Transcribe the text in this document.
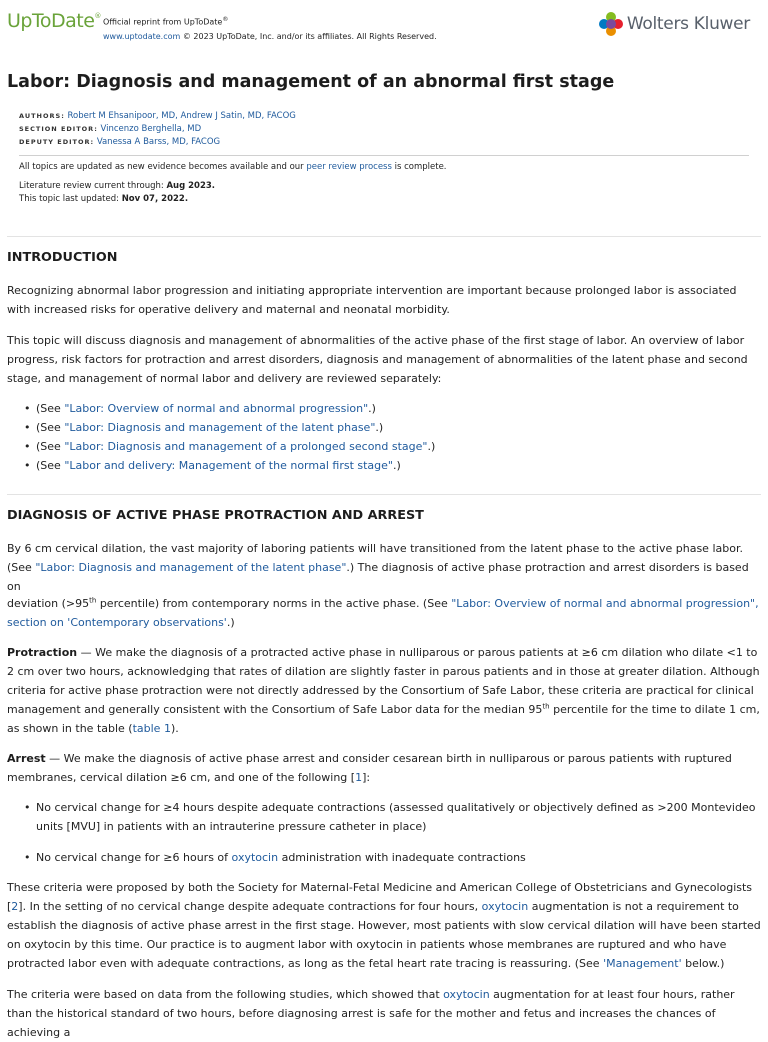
UpToDate®
Official reprint from UpToDate®
www.uptodate.com © 2023 UpToDate, Inc. and/or its affiliates. All Rights Reserved.
Wolters Kluwer
Labor: Diagnosis and management of an abnormal first stage
AUTHORS: Robert M Ehsanipoor, MD, Andrew J Satin, MD, FACOG
SECTION EDITOR: Vincenzo Berghella, MD
DEPUTY EDITOR: Vanessa A Barss, MD, FACOG
All topics are updated as new evidence becomes available and our peer review process is complete.
Literature review current through: Aug 2023.
This topic last updated: Nov 07, 2022.
INTRODUCTION

Recognizing abnormal labor progression and initiating appropriate intervention are important because prolonged labor is associated with increased risks for operative delivery and maternal and neonatal morbidity.

This topic will discuss diagnosis and management of abnormalities of the active phase of the first stage of labor. An overview of labor progress, risk factors for protraction and arrest disorders, diagnosis and management of abnormalities of the latent phase and second stage, and management of normal labor and delivery are reviewed separately:

• (See "Labor: Overview of normal and abnormal progression".)
• (See "Labor: Diagnosis and management of the latent phase".)
• (See "Labor: Diagnosis and management of a prolonged second stage".)
• (See "Labor and delivery: Management of the normal first stage".)
DIAGNOSIS OF ACTIVE PHASE PROTRACTION AND ARREST

By 6 cm cervical dilation, the vast majority of laboring patients will have transitioned from the latent phase to the active phase labor. (See "Labor: Diagnosis and management of the latent phase".) The diagnosis of active phase protraction and arrest disorders is based on

deviation (>95th percentile) from contemporary norms in the active phase. (See "Labor: Overview of normal and abnormal progression", section on 'Contemporary observations'.)

Protraction — We make the diagnosis of a protracted active phase in nulliparous or parous patients at ≥6 cm dilation who dilate <1 to 2 cm over two hours, acknowledging that rates of dilation are slightly faster in parous patients and in those at greater dilation. Although criteria for active phase protraction were not directly addressed by the Consortium of Safe Labor, these criteria are practical for clinical management and generally consistent with the Consortium of Safe Labor data for the median 95th percentile for the time to dilate 1 cm, as shown in the table (table 1).

Arrest — We make the diagnosis of active phase arrest and consider cesarean birth in nulliparous or parous patients with ruptured membranes, cervical dilation ≥6 cm, and one of the following [1]:

• No cervical change for ≥4 hours despite adequate contractions (assessed qualitatively or objectively defined as >200 Montevideo units [MVU] in patients with an intrauterine pressure catheter in place)
• No cervical change for ≥6 hours of oxytocin administration with inadequate contractions

These criteria were proposed by both the Society for Maternal-Fetal Medicine and American College of Obstetricians and Gynecologists [2]. In the setting of no cervical change despite adequate contractions for four hours, oxytocin augmentation is not a requirement to establish the diagnosis of active phase arrest in the first stage. However, most patients with slow cervical dilation will have been started on oxytocin by this time. Our practice is to augment labor with oxytocin in patients whose membranes are ruptured and who have protracted labor even with adequate contractions, as long as the fetal heart rate tracing is reassuring. (See 'Management' below.)

The criteria were based on data from the following studies, which showed that oxytocin augmentation for at least four hours, rather than the historical standard of two hours, before diagnosing arrest is safe for the mother and fetus and increases the chances of achieving a
